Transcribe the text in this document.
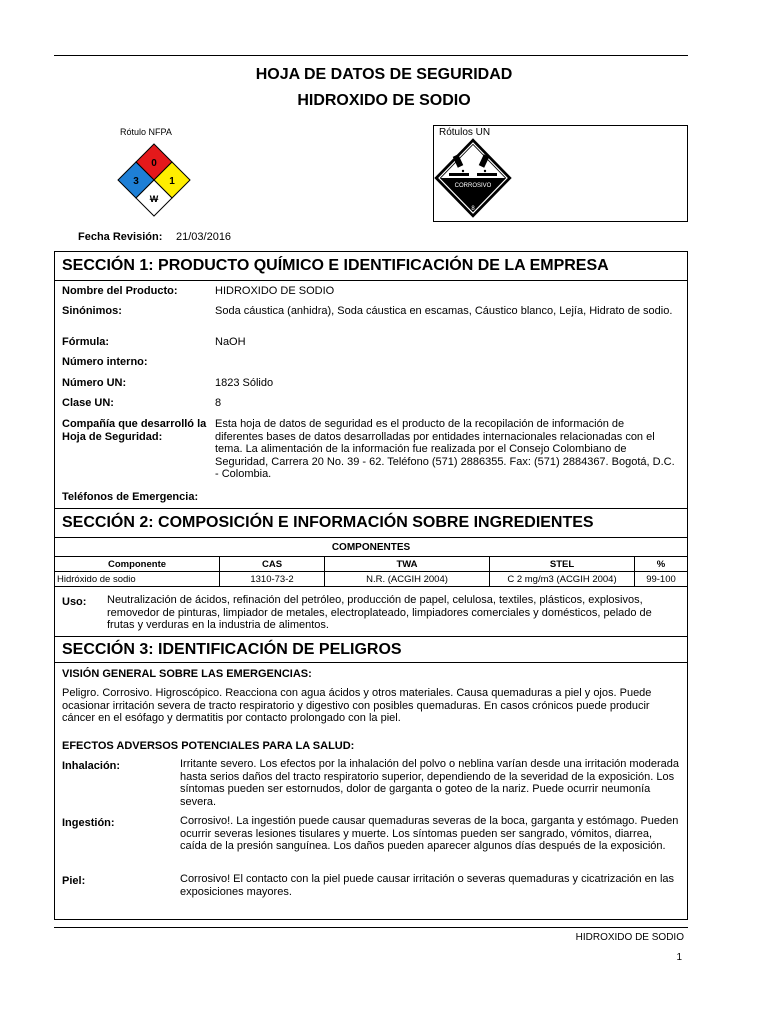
HOJA DE DATOS DE SEGURIDAD
HIDROXIDO DE SODIO
Rótulo NFPA
0
3	1
W
Rótulos UN
CORROSIVO
8
Fecha Revisión: 21/03/2016
SECCIÓN 1: PRODUCTO QUÍMICO E IDENTIFICACIÓN DE LA EMPRESA
Nombre del Producto:	HIDROXIDO DE SODIO
Sinónimos:	Soda cáustica (anhidra), Soda cáustica en escamas, Cáustico blanco, Lejía, Hidrato de sodio.
Fórmula:	NaOH
Número interno:
Número UN:	1823 Sólido
Clase UN:	8
Compañía que desarrolló la Hoja de Seguridad:
Esta hoja de datos de seguridad es el producto de la recopilación de información de diferentes bases de datos desarrolladas por entidades internacionales relacionadas con el tema. La alimentación de la información fue realizada por el Consejo Colombiano de Seguridad, Carrera 20 No. 39 - 62. Teléfono (571) 2886355. Fax: (571) 2884367. Bogotá, D.C. - Colombia.
Teléfonos de Emergencia:
SECCIÓN 2: COMPOSICIÓN E INFORMACIÓN SOBRE INGREDIENTES
COMPONENTES
Componente	CAS	TWA	STEL	%
Hidróxido de sodio	1310-73-2	N.R. (ACGIH 2004)	C 2 mg/m3 (ACGIH 2004)	99-100
Uso: Neutralización de ácidos, refinación del petróleo, producción de papel, celulosa, textiles, plásticos, explosivos, removedor de pinturas, limpiador de metales, electroplateado, limpiadores comerciales y domésticos, pelado de frutas y verduras en la industria de alimentos.
SECCIÓN 3: IDENTIFICACIÓN DE PELIGROS
VISIÓN GENERAL SOBRE LAS EMERGENCIAS:
Peligro. Corrosivo. Higroscópico. Reacciona con agua ácidos y otros materiales. Causa quemaduras a piel y ojos. Puede ocasionar irritación severa de tracto respiratorio y digestivo con posibles quemaduras. En casos crónicos puede producir cáncer en el esófago y dermatitis por contacto prolongado con la piel.
EFECTOS ADVERSOS POTENCIALES PARA LA SALUD:
Inhalación:	Irritante severo. Los efectos por la inhalación del polvo o neblina varían desde una irritación moderada hasta serios daños del tracto respiratorio superior, dependiendo de la severidad de la exposición. Los síntomas pueden ser estornudos, dolor de garganta o goteo de la nariz. Puede ocurrir neumonía severa.
Ingestión:	Corrosivo!. La ingestión puede causar quemaduras severas de la boca, garganta y estómago. Pueden ocurrir severas lesiones tisulares y muerte. Los síntomas pueden ser sangrado, vómitos, diarrea, caída de la presión sanguínea. Los daños pueden aparecer algunos días después de la exposición.
Piel:	Corrosivo! El contacto con la piel puede causar irritación o severas quemaduras y cicatrización en las exposiciones mayores.
HIDROXIDO DE SODIO
1
